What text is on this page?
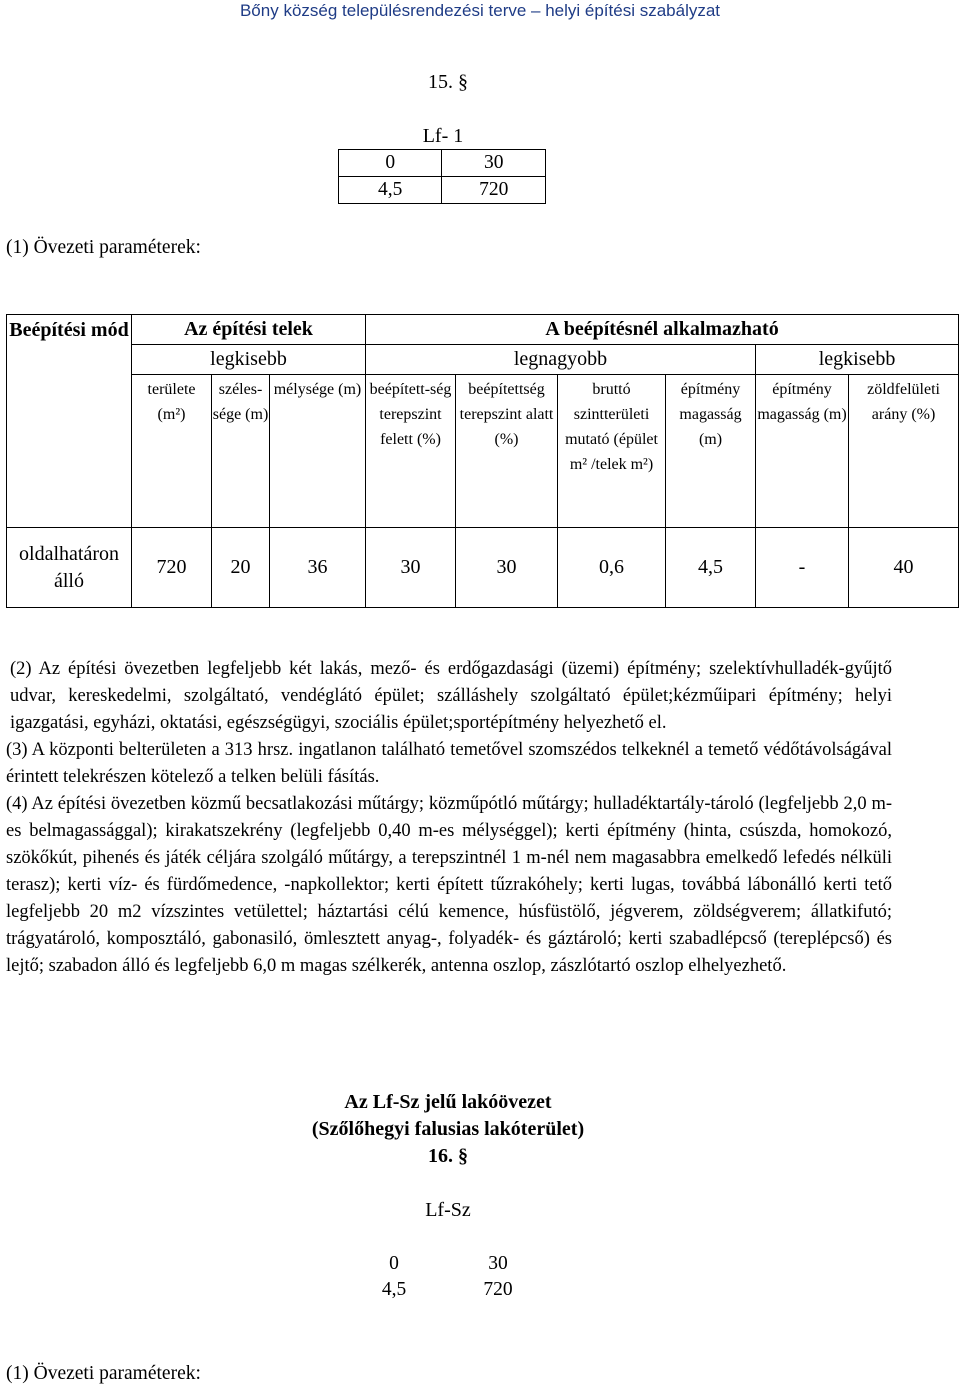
Bőny község településrendezési terve – helyi építési szabályzat
15. §
Lf- 1
0	30
4,5	720
(1) Övezeti paraméterek:
Beépítési mód	Az építési telek			A beépítésnél alkalmazható					
	legkisebb			legnagyobb				legkisebb	
	területe (m²)	széles-sége (m)	mélysége (m)	beépített-ség terepszint felett (%)	beépítettség terepszint alatt (%)	bruttó szintterületi mutató (épület m² /telek m²)	építmény magasság (m)	építmény magasság (m)	zöldfelületi arány (%)
oldalhatáron álló	720	20	36	30	30	0,6	4,5	-	40

(2) Az építési övezetben legfeljebb két lakás, mező- és erdőgazdasági (üzemi) építmény; szelektívhulladék-gyűjtő udvar, kereskedelmi, szolgáltató, vendéglátó épület; szálláshely szolgáltató épület;kézműipari építmény; helyi igazgatási, egyházi, oktatási, egészségügyi, szociális épület;sportépítmény helyezhető el.

(3) A központi belterületen a 313 hrsz. ingatlanon található temetővel szomszédos telkeknél a temető védőtávolságával érintett telekrészen kötelező a telken belüli fásítás.

(4) Az építési övezetben közmű becsatlakozási műtárgy; közműpótló műtárgy; hulladéktartály-tároló (legfeljebb 2,0 m-es belmagassággal); kirakatszekrény (legfeljebb 0,40 m-es mélységgel); kerti építmény (hinta, csúszda, homokozó, szökőkút, pihenés és játék céljára szolgáló műtárgy, a terepszintnél 1 m-nél nem magasabbra emelkedő lefedés nélküli terasz); kerti víz- és fürdőmedence, -napkollektor; kerti épített tűzrakóhely; kerti lugas, továbbá lábonálló kerti tető legfeljebb 20 m2 vízszintes vetülettel; háztartási célú kemence, húsfüstölő, jégverem, zöldségverem; állatkifutó; trágyatároló, komposztáló, gabonasiló, ömlesztett anyag-, folyadék- és gáztároló; kerti szabadlépcső (tereplépcső) és lejtő; szabadon álló és legfeljebb 6,0 m magas szélkerék, antenna oszlop, zászlótartó oszlop elhelyezhető.

Az Lf-Sz jelű lakóövezet
(Szőlőhegyi falusias lakóterület)
16. §
Lf-Sz
0	30
4,5	720
(1) Övezeti paraméterek:
